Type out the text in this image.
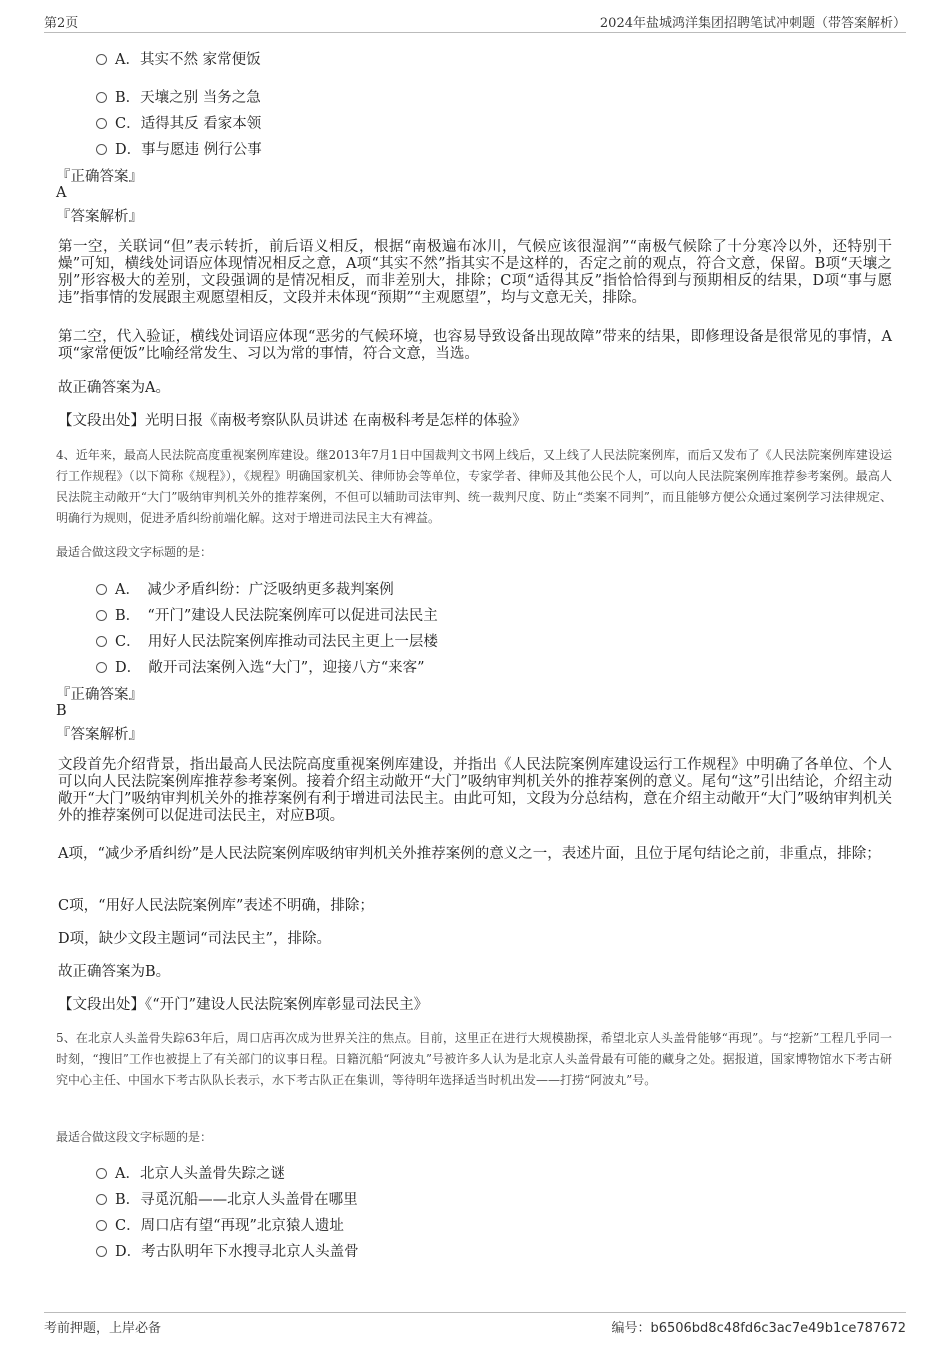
第2页	2024年盐城鸿洋集团招聘笔试冲刺题（带答案解析）
A．其实不然 家常便饭
B．天壤之别 当务之急
C．适得其反 看家本领
D．事与愿违 例行公事
『正确答案』
A
『答案解析』
第一空，关联词“但”表示转折，前后语义相反，根据“南极遍布冰川，气候应该很湿润”“南极气候除了十分寒冷以外，还特别干燥”可知，横线处词语应体现情况相反之意，A项“其实不然”指其实不是这样的，否定之前的观点，符合文意，保留。B项“天壤之别”形容极大的差别，文段强调的是情况相反，而非差别大，排除；C项“适得其反”指恰恰得到与预期相反的结果，D项“事与愿违”指事情的发展跟主观愿望相反，文段并未体现“预期”“主观愿望”，均与文意无关，排除。
第二空，代入验证，横线处词语应体现“恶劣的气候环境，也容易导致设备出现故障”带来的结果，即修理设备是很常见的事情，A项“家常便饭”比喻经常发生、习以为常的事情，符合文意，当选。
故正确答案为A。
【文段出处】光明日报《南极考察队队员讲述 在南极科考是怎样的体验》
4、近年来，最高人民法院高度重视案例库建设。继2013年7月1日中国裁判文书网上线后，又上线了人民法院案例库，而后又发布了《人民法院案例库建设运行工作规程》（以下简称《规程》），《规程》明确国家机关、律师协会等单位，专家学者、律师及其他公民个人，可以向人民法院案例库推荐参考案例。最高人民法院主动敞开“大门”吸纳审判机关外的推荐案例，不但可以辅助司法审判、统一裁判尺度、防止“类案不同判”，而且能够方便公众通过案例学习法律规定、明确行为规则，促进矛盾纠纷前端化解。这对于增进司法民主大有裨益。
最适合做这段文字标题的是：
A．　减少矛盾纠纷：广泛吸纳更多裁判案例
B．　“开门”建设人民法院案例库可以促进司法民主
C．　用好人民法院案例库推动司法民主更上一层楼
D．　敞开司法案例入选“大门”，迎接八方“来客”
『正确答案』
B
『答案解析』
文段首先介绍背景，指出最高人民法院高度重视案例库建设，并指出《人民法院案例库建设运行工作规程》中明确了各单位、个人可以向人民法院案例库推荐参考案例。接着介绍主动敞开“大门”吸纳审判机关外的推荐案例的意义。尾句“这”引出结论，介绍主动敞开“大门”吸纳审判机关外的推荐案例有利于增进司法民主。由此可知，文段为分总结构，意在介绍主动敞开“大门”吸纳审判机关外的推荐案例可以促进司法民主，对应B项。
A项，“减少矛盾纠纷”是人民法院案例库吸纳审判机关外推荐案例的意义之一，表述片面，且位于尾句结论之前，非重点，排除；
C项，“用好人民法院案例库”表述不明确，排除；
D项，缺少文段主题词“司法民主”，排除。
故正确答案为B。
【文段出处】《“开门”建设人民法院案例库彰显司法民主》
5、在北京人头盖骨失踪63年后，周口店再次成为世界关注的焦点。目前，这里正在进行大规模勘探，希望北京人头盖骨能够“再现”。与“挖新”工程几乎同一时刻，“搜旧”工作也被提上了有关部门的议事日程。日籍沉船“阿波丸”号被许多人认为是北京人头盖骨最有可能的藏身之处。据报道，国家博物馆水下考古研究中心主任、中国水下考古队队长表示，水下考古队正在集训，等待明年选择适当时机出发——打捞“阿波丸”号。
最适合做这段文字标题的是：
A．北京人头盖骨失踪之谜
B．寻觅沉船——北京人头盖骨在哪里
C．周口店有望“再现”北京猿人遗址
D．考古队明年下水搜寻北京人头盖骨
考前押题，上岸必备	编号：b6506bd8c48fd6c3ac7e49b1ce787672
